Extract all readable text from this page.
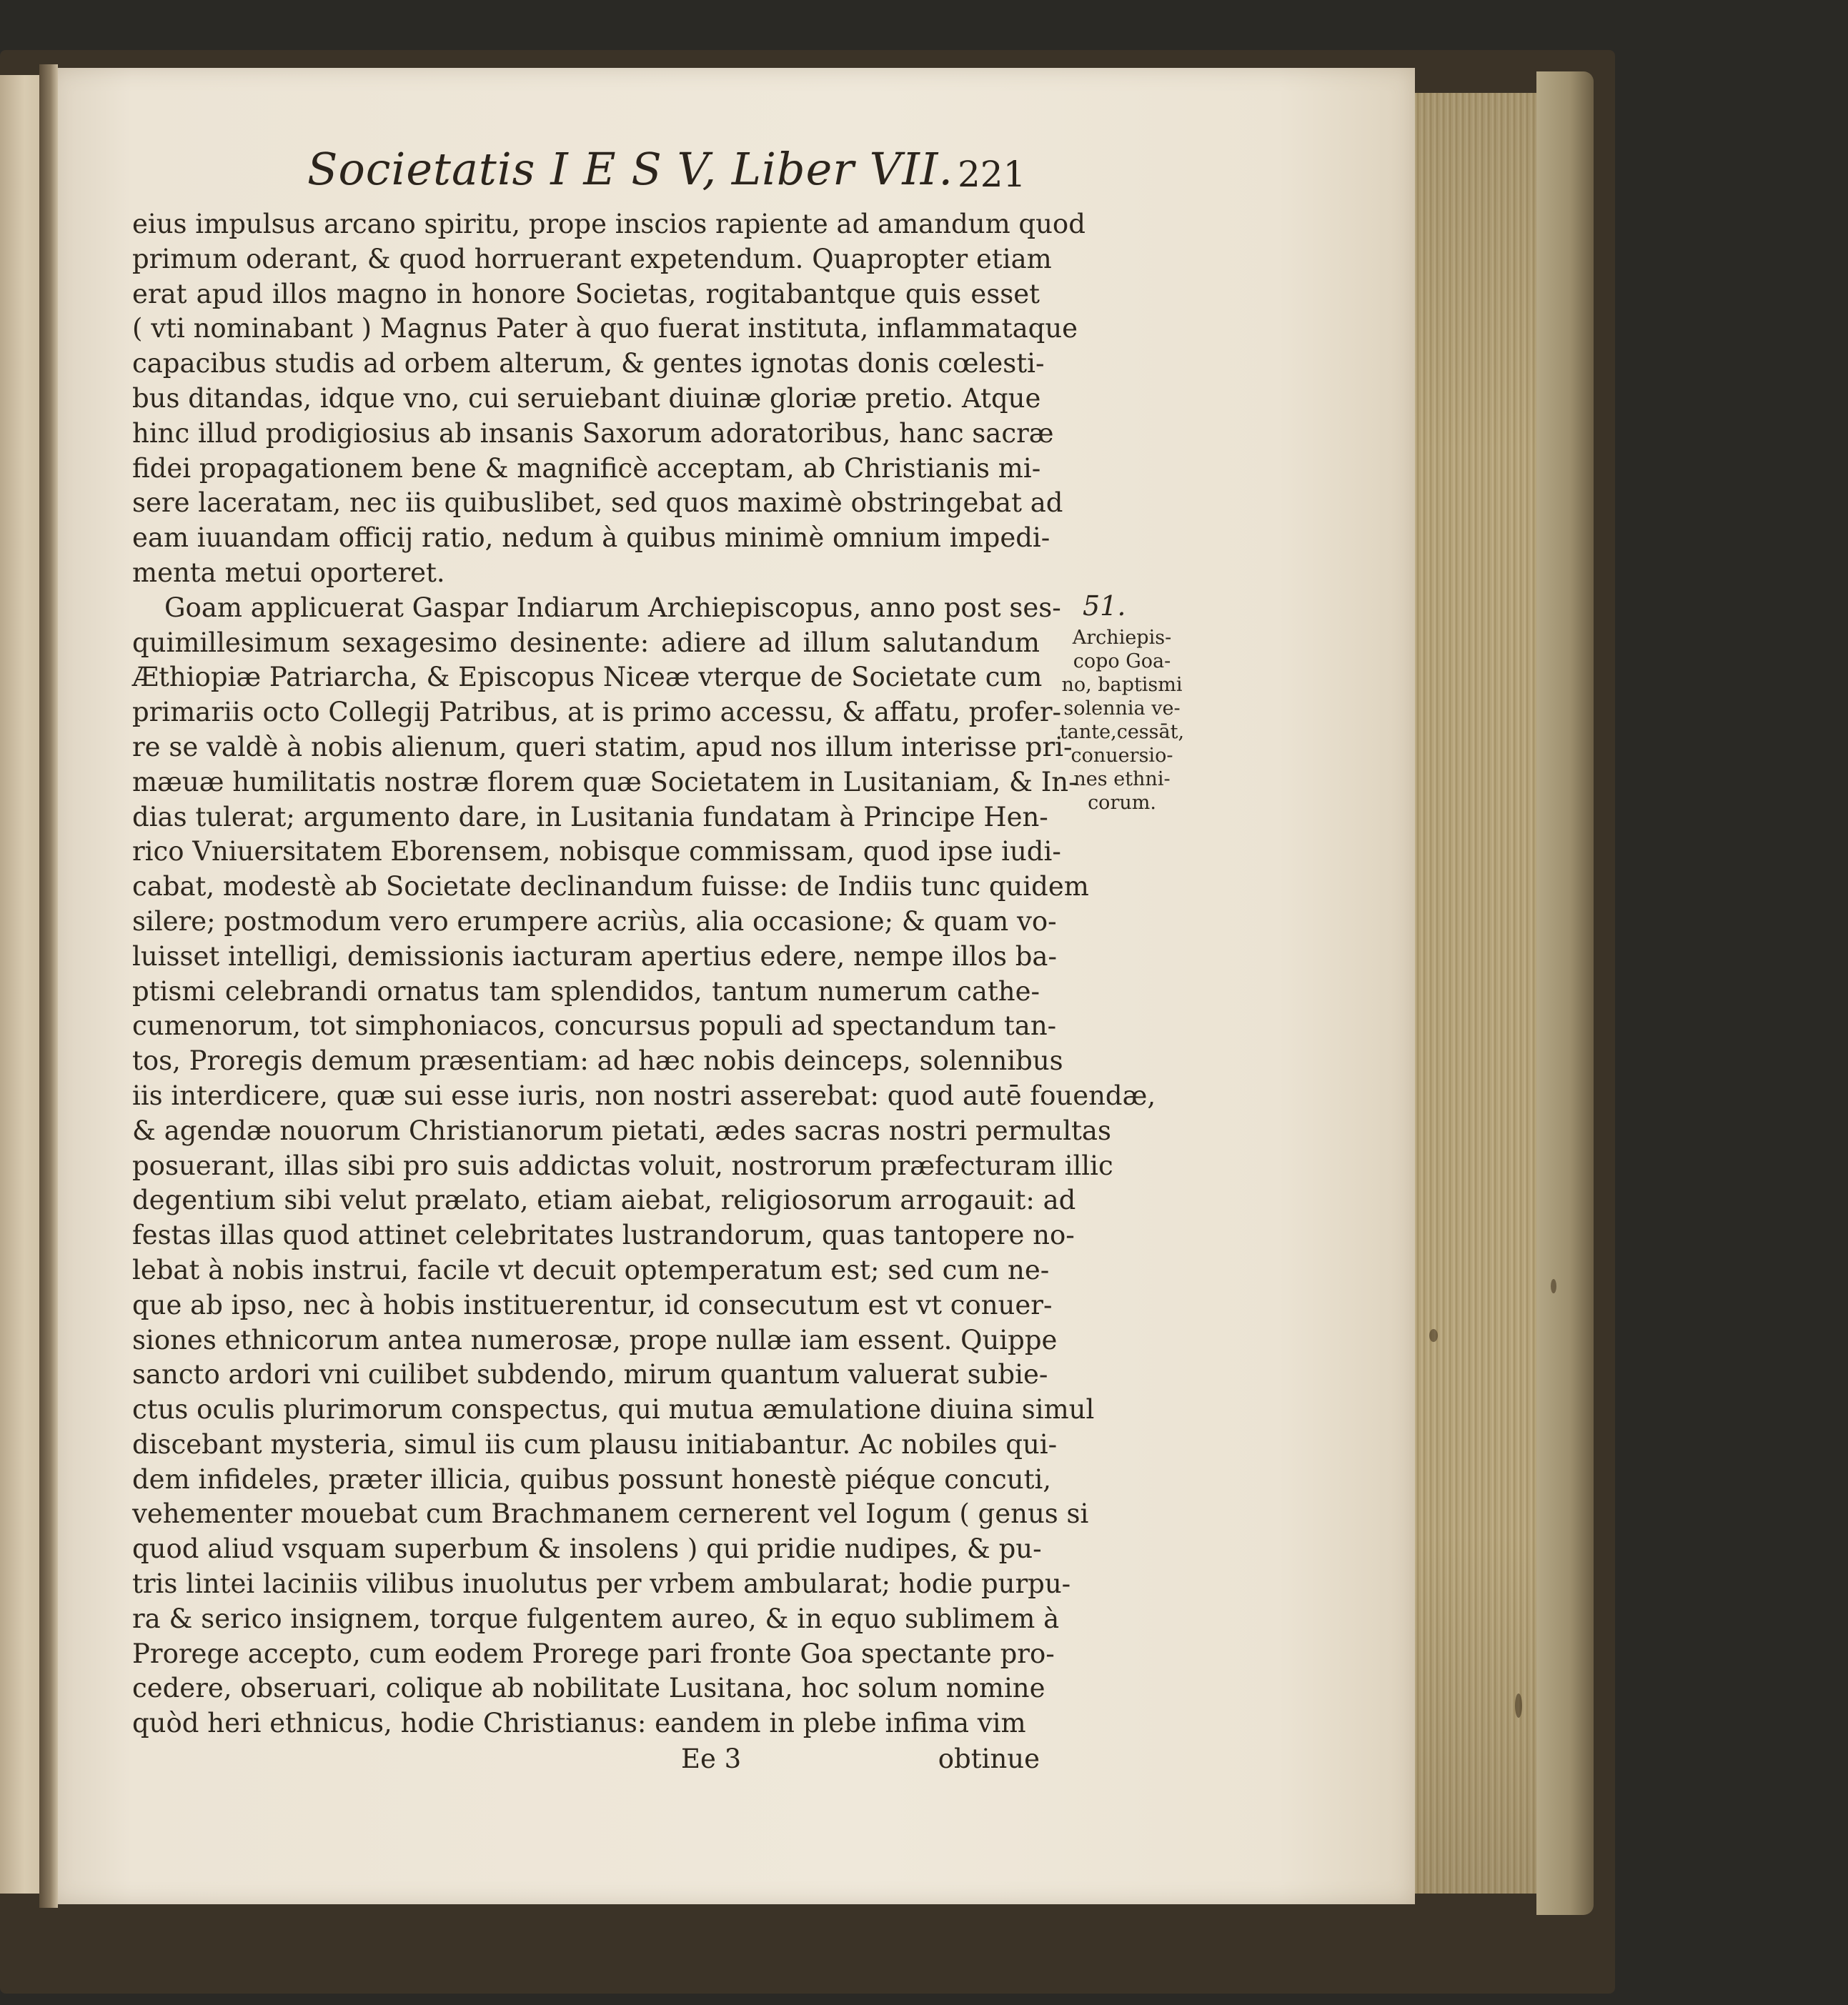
Societatis I E S V, Liber VII. 221
eius impulsus arcano spiritu, prope inscios rapiente ad amandum quod
primum oderant, & quod horruerant expetendum. Quapropter etiam
erat apud illos magno in honore Societas, rogitabantque quis esset
( vti nominabant ) Magnus Pater à quo fuerat instituta, inflammataque
capacibus studis ad orbem alterum, & gentes ignotas donis cœlesti-
bus ditandas, idque vno, cui seruiebant diuinæ gloriæ pretio. Atque
hinc illud prodigiosius ab insanis Saxorum adoratoribus, hanc sacræ
fidei propagationem bene & magnificè acceptam, ab Christianis mi-
sere laceratam, nec iis quibuslibet, sed quos maximè obstringebat ad
eam iuuandam officij ratio, nedum à quibus minimè omnium impedi-
menta metui oporteret.
Goam applicuerat Gaspar Indiarum Archiepiscopus, anno post ses-
quimillesimum sexagesimo desinente: adiere ad illum salutandum
Æthiopiæ Patriarcha, & Episcopus Niceæ vterque de Societate cum
primariis octo Collegij Patribus, at is primo accessu, & affatu, profer-
re se valdè à nobis alienum, queri statim, apud nos illum interisse pri-
mæuæ humilitatis nostræ florem quæ Societatem in Lusitaniam, & In-
dias tulerat; argumento dare, in Lusitania fundatam à Principe Hen-
rico Vniuersitatem Eborensem, nobisque commissam, quod ipse iudi-
cabat, modestè ab Societate declinandum fuisse: de Indiis tunc quidem
silere; postmodum vero erumpere acriùs, alia occasione; & quam vo-
luisset intelligi, demissionis iacturam apertius edere, nempe illos ba-
ptismi celebrandi ornatus tam splendidos, tantum numerum cathe-
cumenorum, tot simphoniacos, concursus populi ad spectandum tan-
tos, Proregis demum præsentiam: ad hæc nobis deinceps, solennibus
iis interdicere, quæ sui esse iuris, non nostri asserebat: quod autē fouendæ,
& agendæ nouorum Christianorum pietati, ædes sacras nostri permultas
posuerant, illas sibi pro suis addictas voluit, nostrorum præfecturam illic
degentium sibi velut prælato, etiam aiebat, religiosorum arrogauit: ad
festas illas quod attinet celebritates lustrandorum, quas tantopere no-
lebat à nobis instrui, facile vt decuit optemperatum est; sed cum ne-
que ab ipso, nec à hobis instituerentur, id consecutum est vt conuer-
siones ethnicorum antea numerosæ, prope nullæ iam essent. Quippe
sancto ardori vni cuilibet subdendo, mirum quantum valuerat subie-
ctus oculis plurimorum conspectus, qui mutua æmulatione diuina simul
discebant mysteria, simul iis cum plausu initiabantur. Ac nobiles qui-
dem infideles, præter illicia, quibus possunt honestè piéque concuti,
vehementer mouebat cum Brachmanem cernerent vel Iogum ( genus si
quod aliud vsquam superbum & insolens ) qui pridie nudipes, & pu-
tris lintei laciniis vilibus inuolutus per vrbem ambularat; hodie purpu-
ra & serico insignem, torque fulgentem aureo, & in equo sublimem à
Prorege accepto, cum eodem Prorege pari fronte Goa spectante pro-
cedere, obseruari, colique ab nobilitate Lusitana, hoc solum nomine
quòd heri ethnicus, hodie Christianus: eandem in plebe infima vim
51.
Archiepis-
copo Goa-
no, baptismi
solennia ve-
tante,cessāt,
conuersio-
nes ethni-
corum.
Ee 3	obtinue
